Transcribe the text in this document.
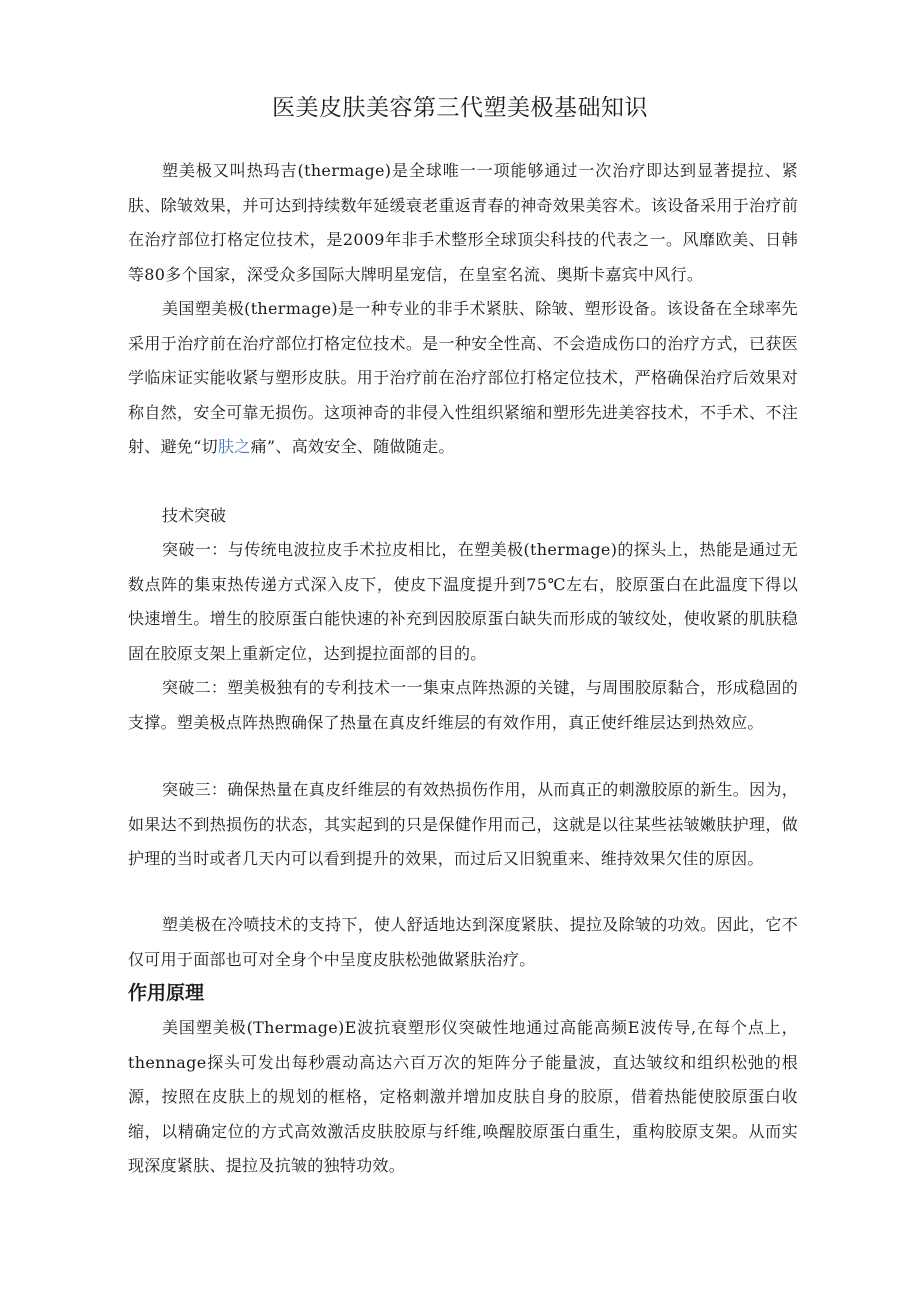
医美皮肤美容第三代塑美极基础知识
塑美极又叫热玛吉(thermage)是全球唯一一项能够通过一次治疗即达到显著提拉、紧肤、除皱效果，并可达到持续数年延缓衰老重返青春的神奇效果美容术。该设备采用于治疗前在治疗部位打格定位技术，是2009年非手术整形全球顶尖科技的代表之一。风靡欧美、日韩等80多个国家，深受众多国际大牌明星宠信，在皇室名流、奥斯卡嘉宾中风行。
美国塑美极(thermage)是一种专业的非手术紧肤、除皱、塑形设备。该设备在全球率先采用于治疗前在治疗部位打格定位技术。是一种安全性高、不会造成伤口的治疗方式，已获医学临床证实能收紧与塑形皮肤。用于治疗前在治疗部位打格定位技术，严格确保治疗后效果对称自然，安全可靠无损伤。这项神奇的非侵入性组织紧缩和塑形先进美容技术，不手术、不注射、避免“切肤之痛”、高效安全、随做随走。
技术突破
突破一：与传统电波拉皮手术拉皮相比，在塑美极(thermage)的探头上，热能是通过无数点阵的集束热传递方式深入皮下，使皮下温度提升到75℃左右，胶原蛋白在此温度下得以快速增生。增生的胶原蛋白能快速的补充到因胶原蛋白缺失而形成的皱纹处，使收紧的肌肤稳固在胶原支架上重新定位，达到提拉面部的目的。
突破二：塑美极独有的专利技术一一集束点阵热源的关键，与周围胶原黏合，形成稳固的支撑。塑美极点阵热煦确保了热量在真皮纤维层的有效作用，真正使纤维层达到热效应。
突破三：确保热量在真皮纤维层的有效热损伤作用，从而真正的刺激胶原的新生。因为，如果达不到热损伤的状态，其实起到的只是保健作用而己，这就是以往某些祛皱嫩肤护理，做护理的当时或者几天内可以看到提升的效果，而过后又旧貌重来、维持效果欠佳的原因。
塑美极在冷喷技术的支持下，使人舒适地达到深度紧肤、提拉及除皱的功效。因此，它不仅可用于面部也可对全身个中呈度皮肤松弛做紧肤治疗。
作用原理
美国塑美极(Thermage)E波抗衰塑形仪突破性地通过高能高频E波传导,在每个点上，thennage探头可发出每秒震动高达六百万次的矩阵分子能量波，直达皱纹和组织松弛的根源，按照在皮肤上的规划的框格，定格刺激并增加皮肤自身的胶原，借着热能使胶原蛋白收缩，以精确定位的方式高效激活皮肤胶原与纤维,唤醒胶原蛋白重生，重构胶原支架。从而实现深度紧肤、提拉及抗皱的独特功效。
